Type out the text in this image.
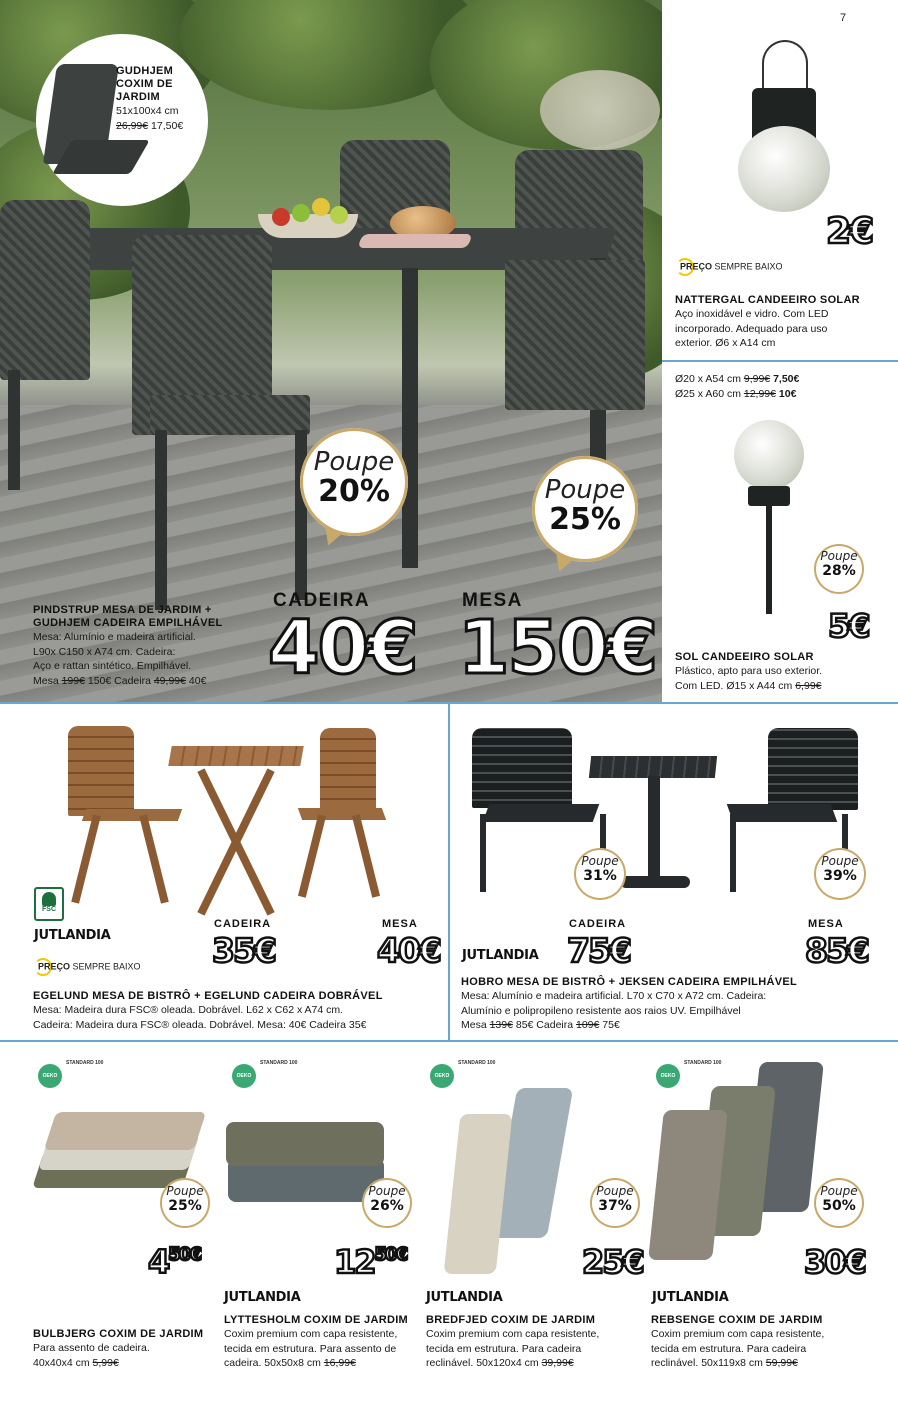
GUDHJEM
COXIM DE
JARDIM
51x100x4 cm
26,99€ 17,50€
Poupe
20%	Poupe
25%
CADEIRA
40€
MESA
150€
PINDSTRUP MESA DE JARDIM +
GUDHJEM CADEIRA EMPILHÁVEL
Mesa: Alumínio e madeira artificial.
L90x C150 x A74 cm. Cadeira:
Aço e rattan sintético. Empilhável.
Mesa 199€ 150€ Cadeira 49,99€ 40€
7
2€
PREÇO SEMPRE BAIXO
NATTERGAL CANDEEIRO SOLAR
Aço inoxidável e vidro. Com LED
incorporado. Adequado para uso
exterior. Ø6 x A14 cm
Ø20 x A54 cm 9,99€ 7,50€
Ø25 x A60 cm 12,99€ 10€
Poupe
28%
5€
SOL CANDEEIRO SOLAR
Plástico, apto para uso exterior.
Com LED. Ø15 x A44 cm 6,99€
FSC
JUTLANDIA
PREÇO SEMPRE BAIXO
CADEIRA
35€
MESA
40€
EGELUND MESA DE BISTRÔ + EGELUND CADEIRA DOBRÁVEL
Mesa: Madeira dura FSC® oleada. Dobrável. L62 x C62 x A74 cm.
Cadeira: Madeira dura FSC® oleada. Dobrável. Mesa: 40€ Cadeira 35€
Poupe
31%
Poupe
39%
JUTLANDIA
CADEIRA
75€
MESA
85€
HOBRO MESA DE BISTRÔ + JEKSEN CADEIRA EMPILHÁVEL
Mesa: Alumínio e madeira artificial. L70 x C70 x A72 cm. Cadeira:
Alumínio e polipropileno resistente aos raios UV. Empilhável
Mesa 139€ 85€ Cadeira 109€ 75€
OEKO TEX
STANDARD 100
Poupe
25%
$4^{50€}$
BULBJERG COXIM DE JARDIM
Para assento de cadeira.
40x40x4 cm 5,99€
OEKO TEX
STANDARD 100
Poupe
26%
$12^{50€}$
JUTLANDIA
LYTTESHOLM COXIM DE JARDIM
Coxim premium com capa resistente,
tecida em estrutura. Para assento de
cadeira. 50x50x8 cm 16,99€
OEKO TEX
STANDARD 100
Poupe
37%
25€
JUTLANDIA
BREDFJED COXIM DE JARDIM
Coxim premium com capa resistente,
tecida em estrutura. Para cadeira
reclinável. 50x120x4 cm 39,99€
OEKO TEX
STANDARD 100
Poupe
50%
30€
JUTLANDIA
REBSENGE COXIM DE JARDIM
Coxim premium com capa resistente,
tecida em estrutura. Para cadeira
reclinável. 50x119x8 cm 59,99€
